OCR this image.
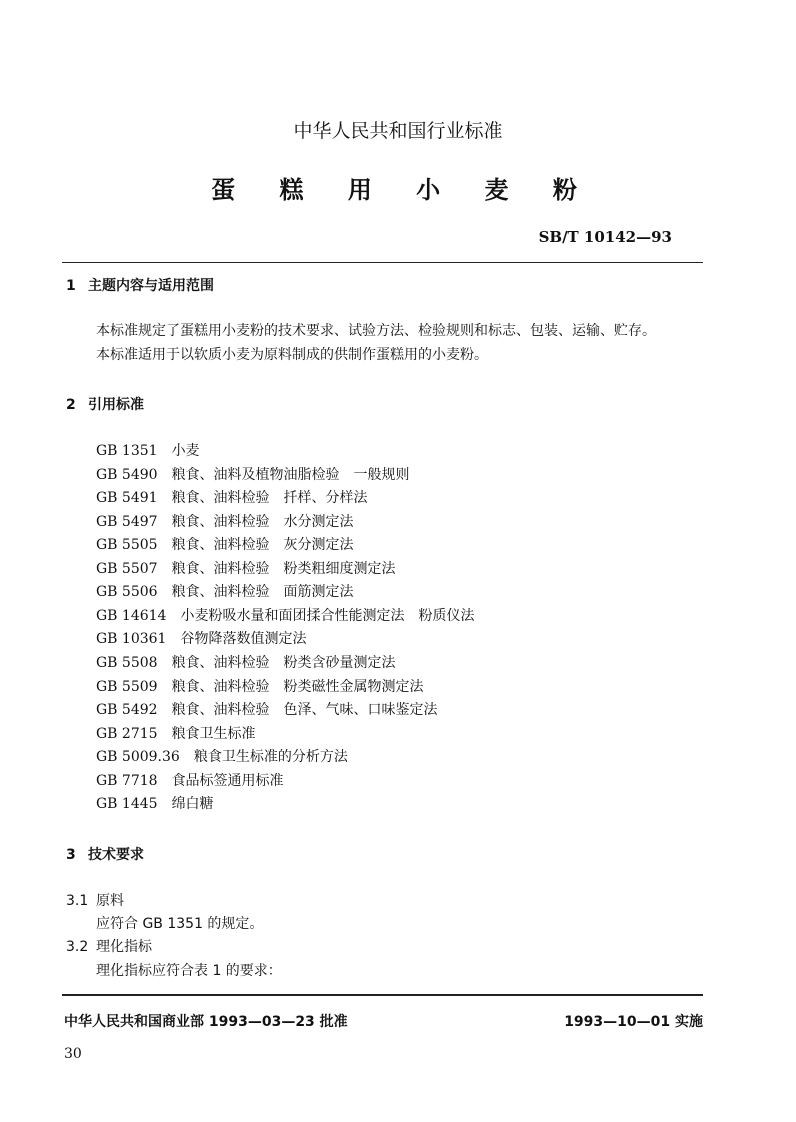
中华人民共和国行业标准
蛋 糕 用 小 麦 粉
SB/T 10142—93
1 主题内容与适用范围
本标准规定了蛋糕用小麦粉的技术要求、试验方法、检验规则和标志、包装、运输、贮存。
本标准适用于以软质小麦为原料制成的供制作蛋糕用的小麦粉。
2 引用标准
GB 1351 小麦
GB 5490 粮食、油料及植物油脂检验　一般规则
GB 5491 粮食、油料检验　扦样、分样法
GB 5497 粮食、油料检验　水分测定法
GB 5505 粮食、油料检验　灰分测定法
GB 5507 粮食、油料检验　粉类粗细度测定法
GB 5506 粮食、油料检验　面筋测定法
GB 14614 小麦粉吸水量和面团揉合性能测定法　粉质仪法
GB 10361 谷物降落数值测定法
GB 5508 粮食、油料检验　粉类含砂量测定法
GB 5509 粮食、油料检验　粉类磁性金属物测定法
GB 5492 粮食、油料检验　色泽、气味、口味鉴定法
GB 2715 粮食卫生标准
GB 5009.36 粮食卫生标准的分析方法
GB 7718 食品标签通用标准
GB 1445 绵白糖
3 技术要求
3.1 原料
应符合 GB 1351 的规定。
3.2 理化指标
理化指标应符合表 1 的要求：
中华人民共和国商业部 1993—03—23 批准	1993—10—01 实施
30
